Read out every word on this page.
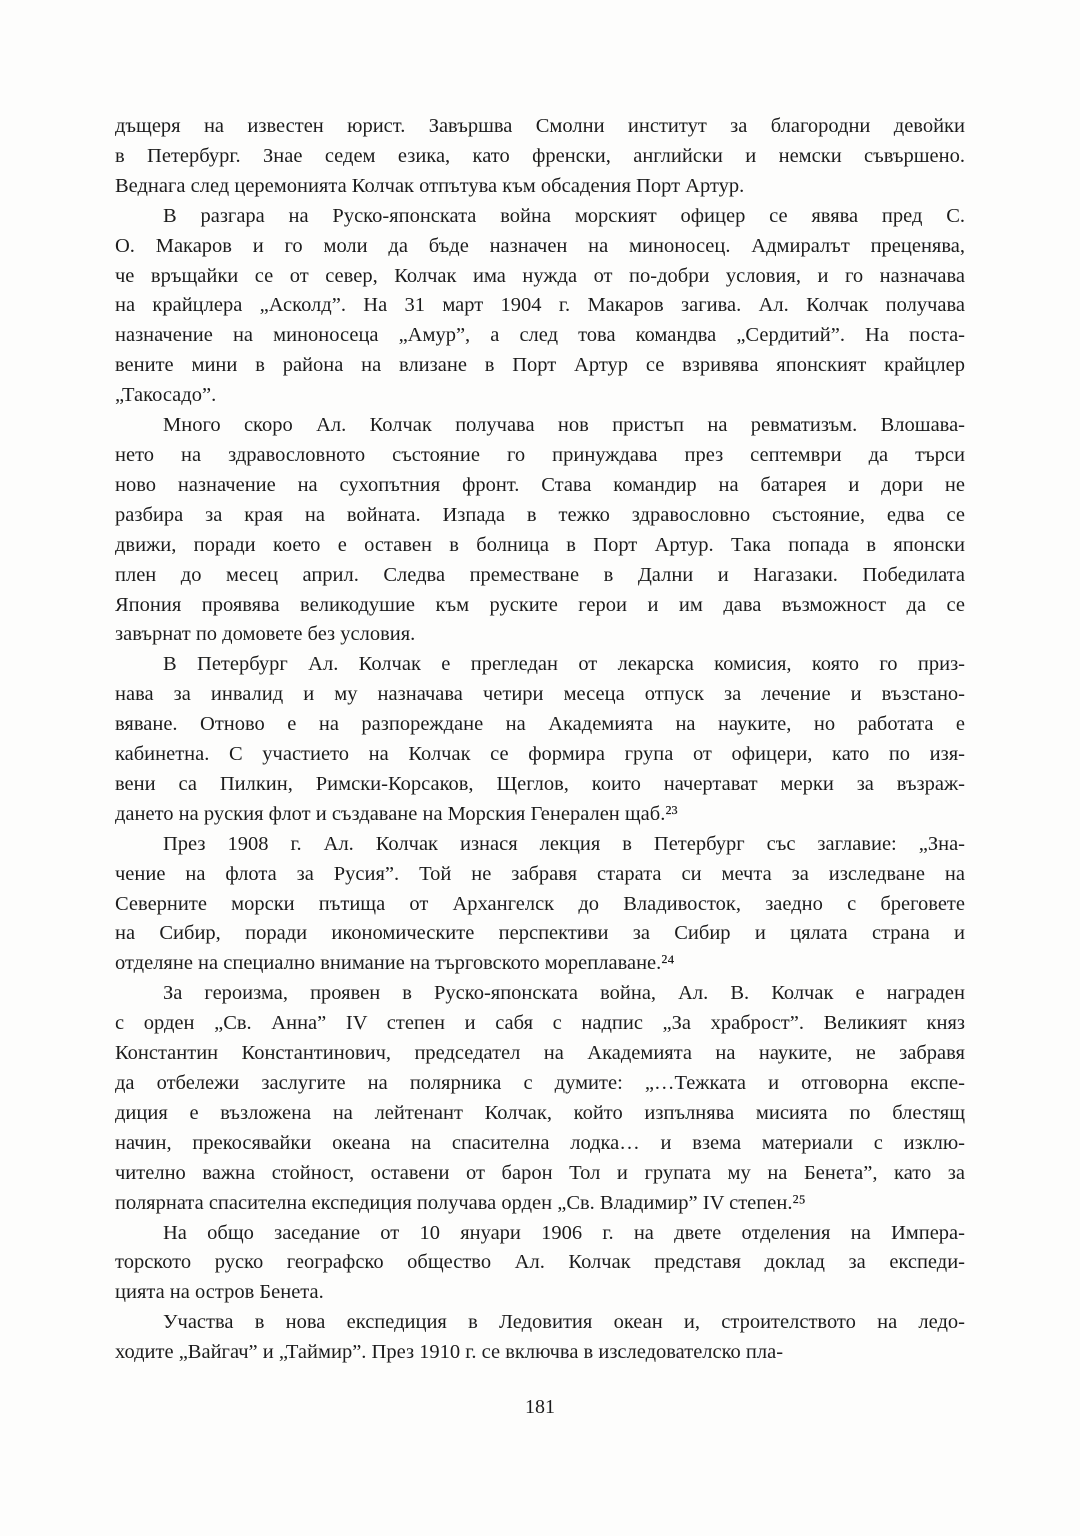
дъщеря на известен юрист. Завършва Смолни институт за благородни девойки
в Петербург. Знае седем езика, като френски, английски и немски съвършено.
Веднага след церемонията Колчак отпътува към обсадения Порт Артур.

В разгара на Руско-японската война морският офицер се явява пред С.
О. Макаров и го моли да бъде назначен на миноносец. Адмиралът преценява,
че връщайки се от север, Колчак има нужда от по-добри условия, и го назначава
на крайцлера „Асколд”. На 31 март 1904 г. Макаров загива. Ал. Колчак получава
назначение на миноносеца „Амур”, а след това командва „Сердитий”. На поста-
вените мини в района на влизане в Порт Артур се взривява японският крайцлер
„Такосадо”.

Много скоро Ал. Колчак получава нов пристъп на ревматизъм. Влошава-
нето на здравословното състояние го принуждава през септември да търси
ново назначение на сухопътния фронт. Става командир на батарея и дори не
разбира за края на войната. Изпада в тежко здравословно състояние, едва се
движи, поради което е оставен в болница в Порт Артур. Така попада в японски
плен до месец април. Следва преместване в Дални и Нагазаки. Победилата
Япония проявява великодушие към руските герои и им дава възможност да се
завърнат по домовете без условия.

В Петербург Ал. Колчак е прегледан от лекарска комисия, която го приз-
нава за инвалид и му назначава четири месеца отпуск за лечение и възстано-
вяване. Отново е на разпореждане на Академията на науките, но работата е
кабинетна. С участието на Колчак се формира група от офицери, като по изя-
вени са Пилкин, Римски-Корсаков, Щеглов, които начертават мерки за възраж-
дането на руския флот и създаване на Морския Генерален щаб.²³

През 1908 г. Ал. Колчак изнася лекция в Петербург със заглавие: „Зна-
чение на флота за Русия”. Той не забравя старата си мечта за изследване на
Северните морски пътища от Архангелск до Владивосток, заедно с бреговете
на Сибир, поради икономическите перспективи за Сибир и цялата страна и
отделяне на специално внимание на търговското мореплаване.²⁴

За героизма, проявен в Руско-японската война, Ал. В. Колчак е награден
с орден „Св. Анна” IV степен и сабя с надпис „За храброст”. Великият княз
Константин Константинович, председател на Академията на науките, не забравя
да отбележи заслугите на полярника с думите: „…Тежката и отговорна експе-
диция е възложена на лейтенант Колчак, който изпълнява мисията по блестящ
начин, прекосявайки океана на спасителна лодка… и взема материали с изклю-
чително важна стойност, оставени от барон Тол и групата му на Бенета”, като за
полярната спасителна експедиция получава орден „Св. Владимир” IV степен.²⁵

На общо заседание от 10 януари 1906 г. на двете отделения на Импера-
торското руско географско общество Ал. Колчак представя доклад за експеди-
цията на остров Бенета.

Участва в нова експедиция в Ледовития океан и, строителството на ледо-
ходите „Вайгач” и „Таймир”. През 1910 г. се включва в изследователско пла-

181
